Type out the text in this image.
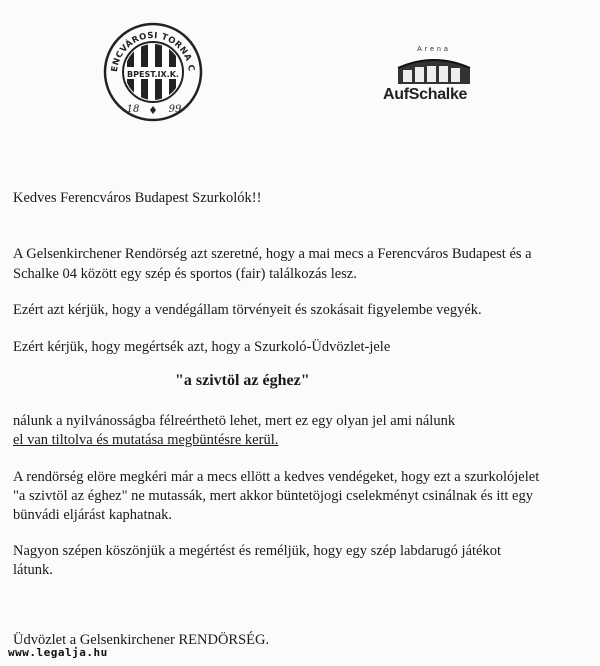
ENCVÁROSI TORNA C
BPEST.IX.K.
18	99
Arena
AufSchalke
Kedves Ferencváros Budapest Szurkolók!!
A Gelsenkirchener Rendörség azt szeretné, hogy a mai mecs a Ferencváros Budapest és a
Schalke 04 között egy szép és sportos (fair) találkozás lesz.
Ezért azt kérjük, hogy a vendégállam törvényeit és szokásait figyelembe vegyék.
Ezért kérjük, hogy megértsék azt, hogy a Szurkoló-Üdvözlet-jele
"a szivtöl az éghez"
nálunk a nyilvánosságba félreérthetö lehet, mert ez egy olyan jel ami nálunk
el van tiltolva és mutatása megbüntésre kerül.
A rendörség elöre megkéri már a mecs ellött a kedves vendégeket, hogy ezt a szurkolójelet
"a szivtöl az éghez" ne mutassák, mert akkor büntetöjogi cselekményt csinálnak és itt egy
bünvádi eljárást kaphatnak.
Nagyon szépen köszönjük a megértést és reméljük, hogy egy szép labdarugó játékot
látunk.
Üdvözlet a Gelsenkirchener RENDÖRSÉG.
www.legalja.hu
